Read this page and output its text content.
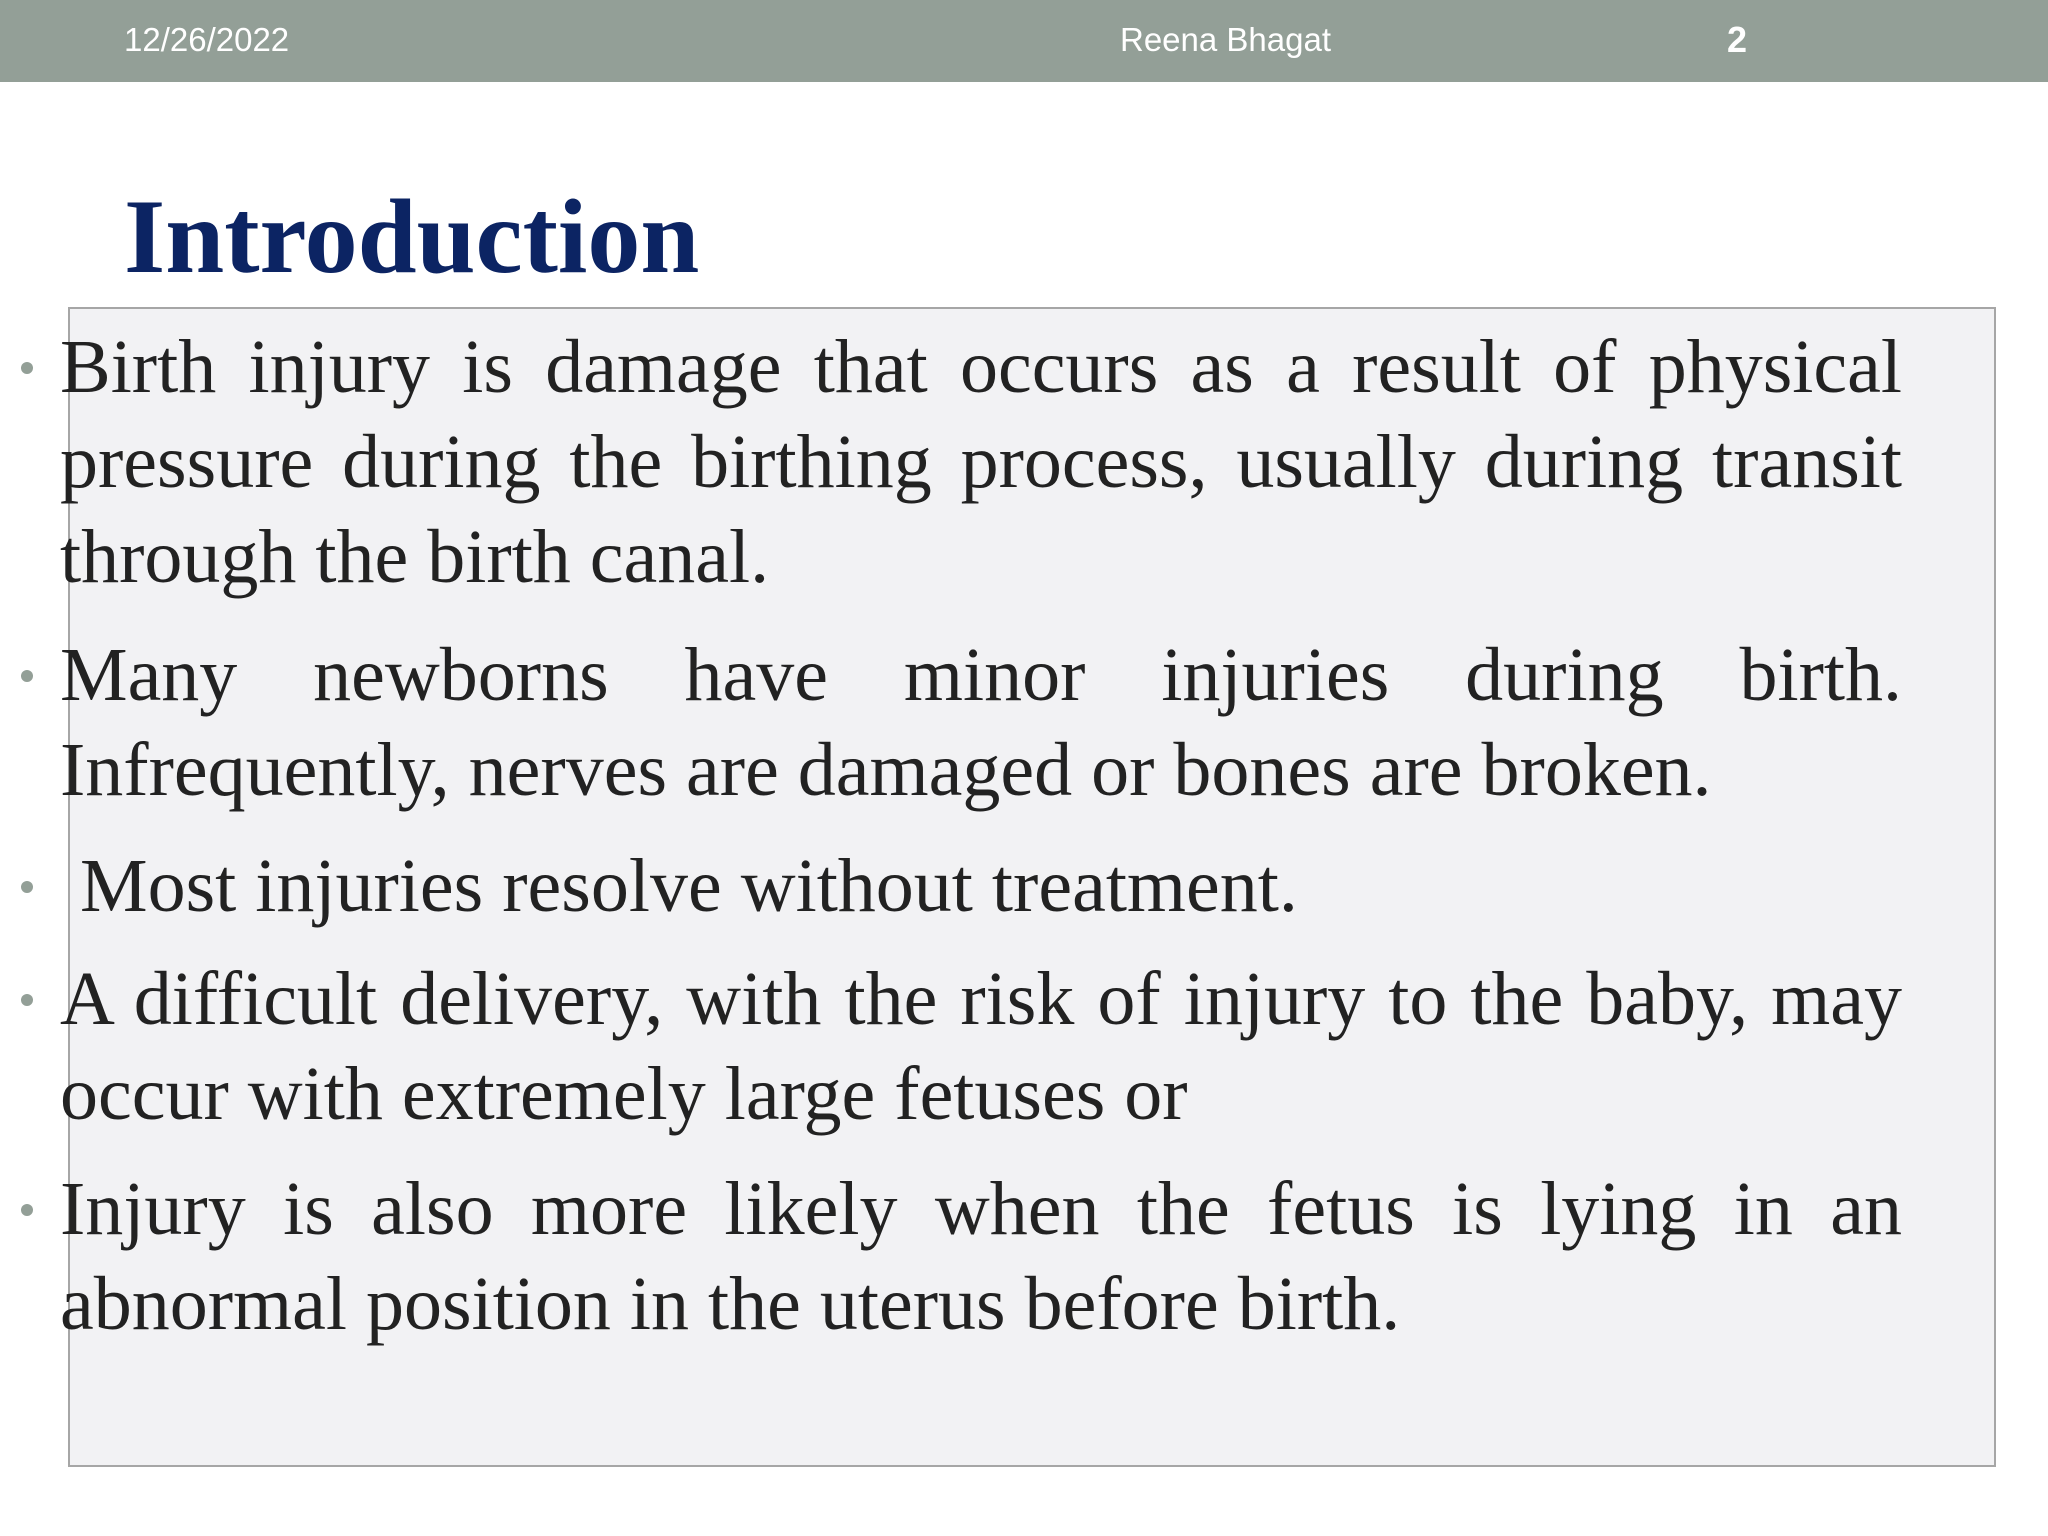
12/26/2022	Reena Bhagat	2
Introduction
Birth injury is damage that occurs as a result of physical pressure during the birthing process, usually during transit through the birth canal.
Many newborns have minor injuries during birth. Infrequently, nerves are damaged or bones are broken.
Most injuries resolve without treatment.
A difficult delivery, with the risk of injury to the baby, may occur with extremely large fetuses or
Injury is also more likely when the fetus is lying in an abnormal position in the uterus before birth.
